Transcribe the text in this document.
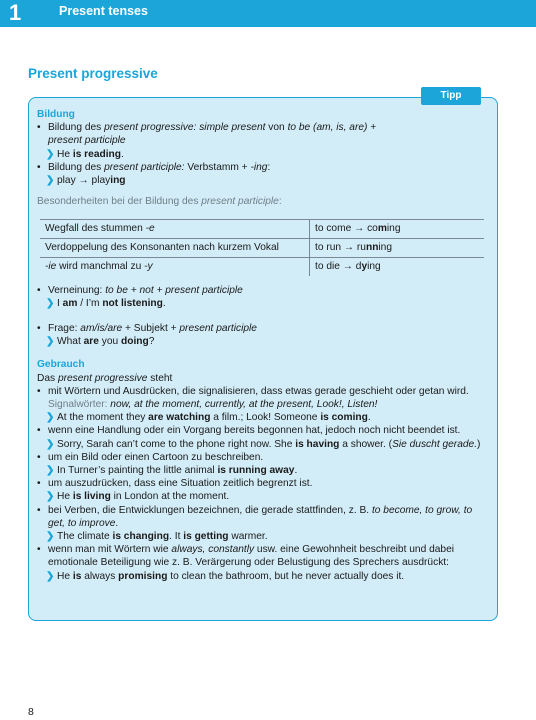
1	Present tenses
Present progressive
Tipp

Bildung

• Bildung des present progressive: simple present von to be (am, is, are) +
present participle

❯ He is reading.

• Bildung des present participle: Verbstamm + -ing:

❯ play → playing

Besonderheiten bei der Bildung des present participle:

Wegfall des stummen -e	to come → coming
Verdoppelung des Konsonanten nach kurzem Vokal	to run → running
-ie wird manchmal zu -y	to die → dying

• Verneinung: to be + not + present participle

❯ I am / I’m not listening.

• Frage: am/is/are + Subjekt + present participle

❯ What are you doing?

Gebrauch

Das present progressive steht

• mit Wörtern und Ausdrücken, die signalisieren, dass etwas gerade geschieht oder getan wird. Signalwörter: now, at the moment, currently, at the present, Look!, Listen!

❯ At the moment they are watching a film.; Look! Someone is coming.

• wenn eine Handlung oder ein Vorgang bereits begonnen hat, jedoch noch nicht beendet ist.

❯ Sorry, Sarah can’t come to the phone right now. She is having a shower. (Sie duscht gerade.)

• um ein Bild oder einen Cartoon zu beschreiben.

❯ In Turner’s painting the little animal is running away.

• um auszudrücken, dass eine Situation zeitlich begrenzt ist.

❯ He is living in London at the moment.

• bei Verben, die Entwicklungen bezeichnen, die gerade stattfinden, z. B. to become, to grow, to get, to improve.

❯ The climate is changing. It is getting warmer.

• wenn man mit Wörtern wie always, constantly usw. eine Gewohnheit beschreibt und dabei emotionale Beteiligung wie z. B. Verärgerung oder Belustigung des Sprechers ausdrückt:

❯ He is always promising to clean the bathroom, but he never actually does it.

8
